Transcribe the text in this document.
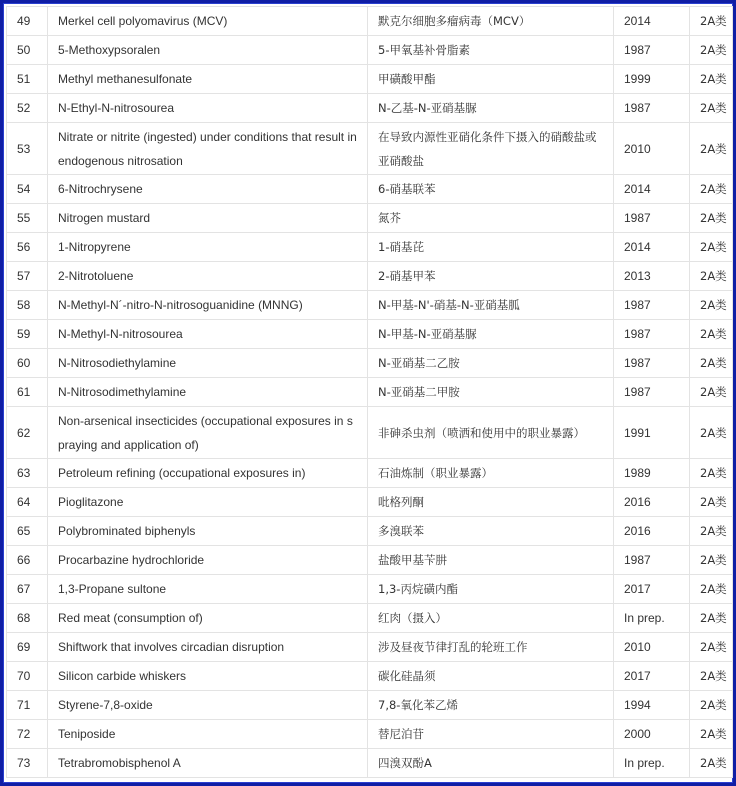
49	Merkel cell polyomavirus (MCV)	默克尔细胞多瘤病毒（MCV）	2014	2A类
50	5-Methoxypsoralen	5-甲氧基补骨脂素	1987	2A类
51	Methyl methanesulfonate	甲磺酸甲酯	1999	2A类
52	N-Ethyl-N-nitrosourea	N-乙基-N-亚硝基脲	1987	2A类
53	Nitrate or nitrite (ingested) under conditions that result in endogenous nitrosation	在导致内源性亚硝化条件下摄入的硝酸盐或亚硝酸盐	2010	2A类
54	6-Nitrochrysene	6-硝基联苯	2014	2A类
55	Nitrogen mustard	氮芥	1987	2A类
56	1-Nitropyrene	1-硝基芘	2014	2A类
57	2-Nitrotoluene	2-硝基甲苯	2013	2A类
58	N-Methyl-N´-nitro-N-nitrosoguanidine (MNNG)	N-甲基-N'-硝基-N-亚硝基胍	1987	2A类
59	N-Methyl-N-nitrosourea	N-甲基-N-亚硝基脲	1987	2A类
60	N-Nitrosodiethylamine	N-亚硝基二乙胺	1987	2A类
61	N-Nitrosodimethylamine	N-亚硝基二甲胺	1987	2A类
62	Non-arsenical insecticides (occupational exposures in spraying and application of)	非砷杀虫剂（喷洒和使用中的职业暴露）	1991	2A类
63	Petroleum refining (occupational exposures in)	石油炼制（职业暴露）	1989	2A类
64	Pioglitazone	吡格列酮	2016	2A类
65	Polybrominated biphenyls	多溴联苯	2016	2A类
66	Procarbazine hydrochloride	盐酸甲基苄肼	1987	2A类
67	1,3-Propane sultone	1,3-丙烷磺内酯	2017	2A类
68	Red meat (consumption of)	红肉（摄入）	In prep.	2A类
69	Shiftwork that involves circadian disruption	涉及昼夜节律打乱的轮班工作	2010	2A类
70	Silicon carbide whiskers	碳化硅晶须	2017	2A类
71	Styrene-7,8-oxide	7,8-氧化苯乙烯	1994	2A类
72	Teniposide	替尼泊苷	2000	2A类
73	Tetrabromobisphenol A	四溴双酚A	In prep.	2A类
